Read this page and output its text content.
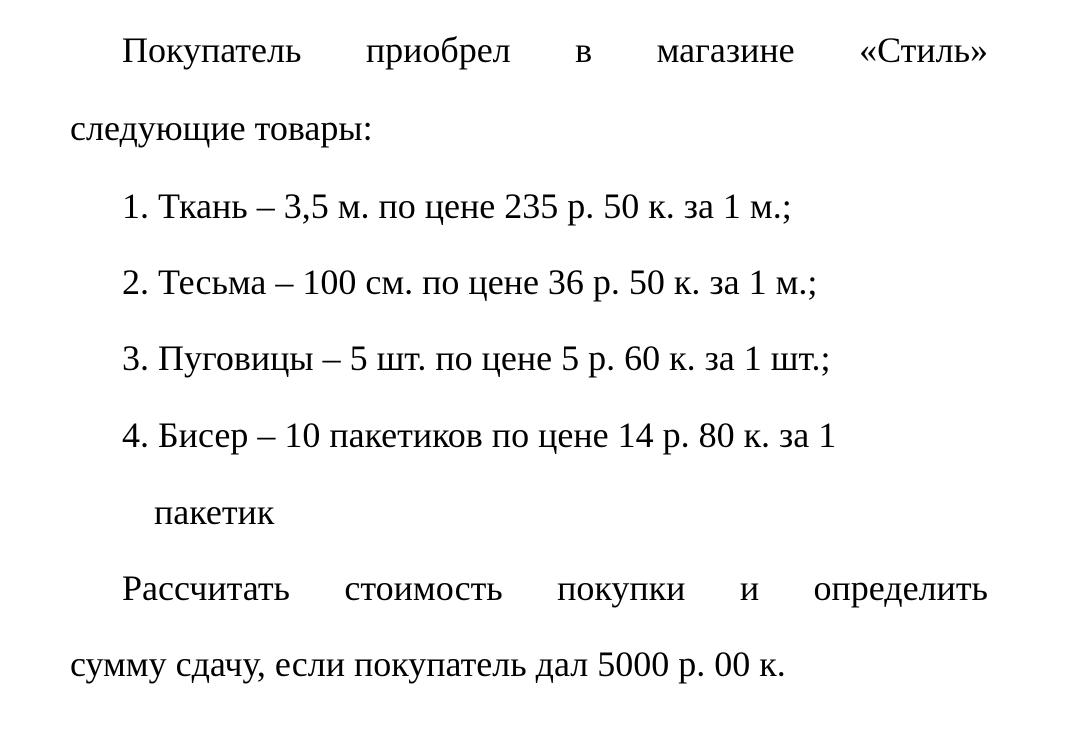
Покупатель приобрел в магазине «Стиль»
следующие товары:
1. Ткань – 3,5 м. по цене 235 р. 50 к. за 1 м.;
2. Тесьма – 100 см. по цене 36 р. 50 к. за 1 м.;
3. Пуговицы – 5 шт. по цене 5 р. 60 к. за 1 шт.;
4. Бисер – 10 пакетиков по цене 14 р. 80 к. за 1
пакетик
Рассчитать стоимость покупки и определить
сумму сдачу, если покупатель дал 5000 р. 00 к.
